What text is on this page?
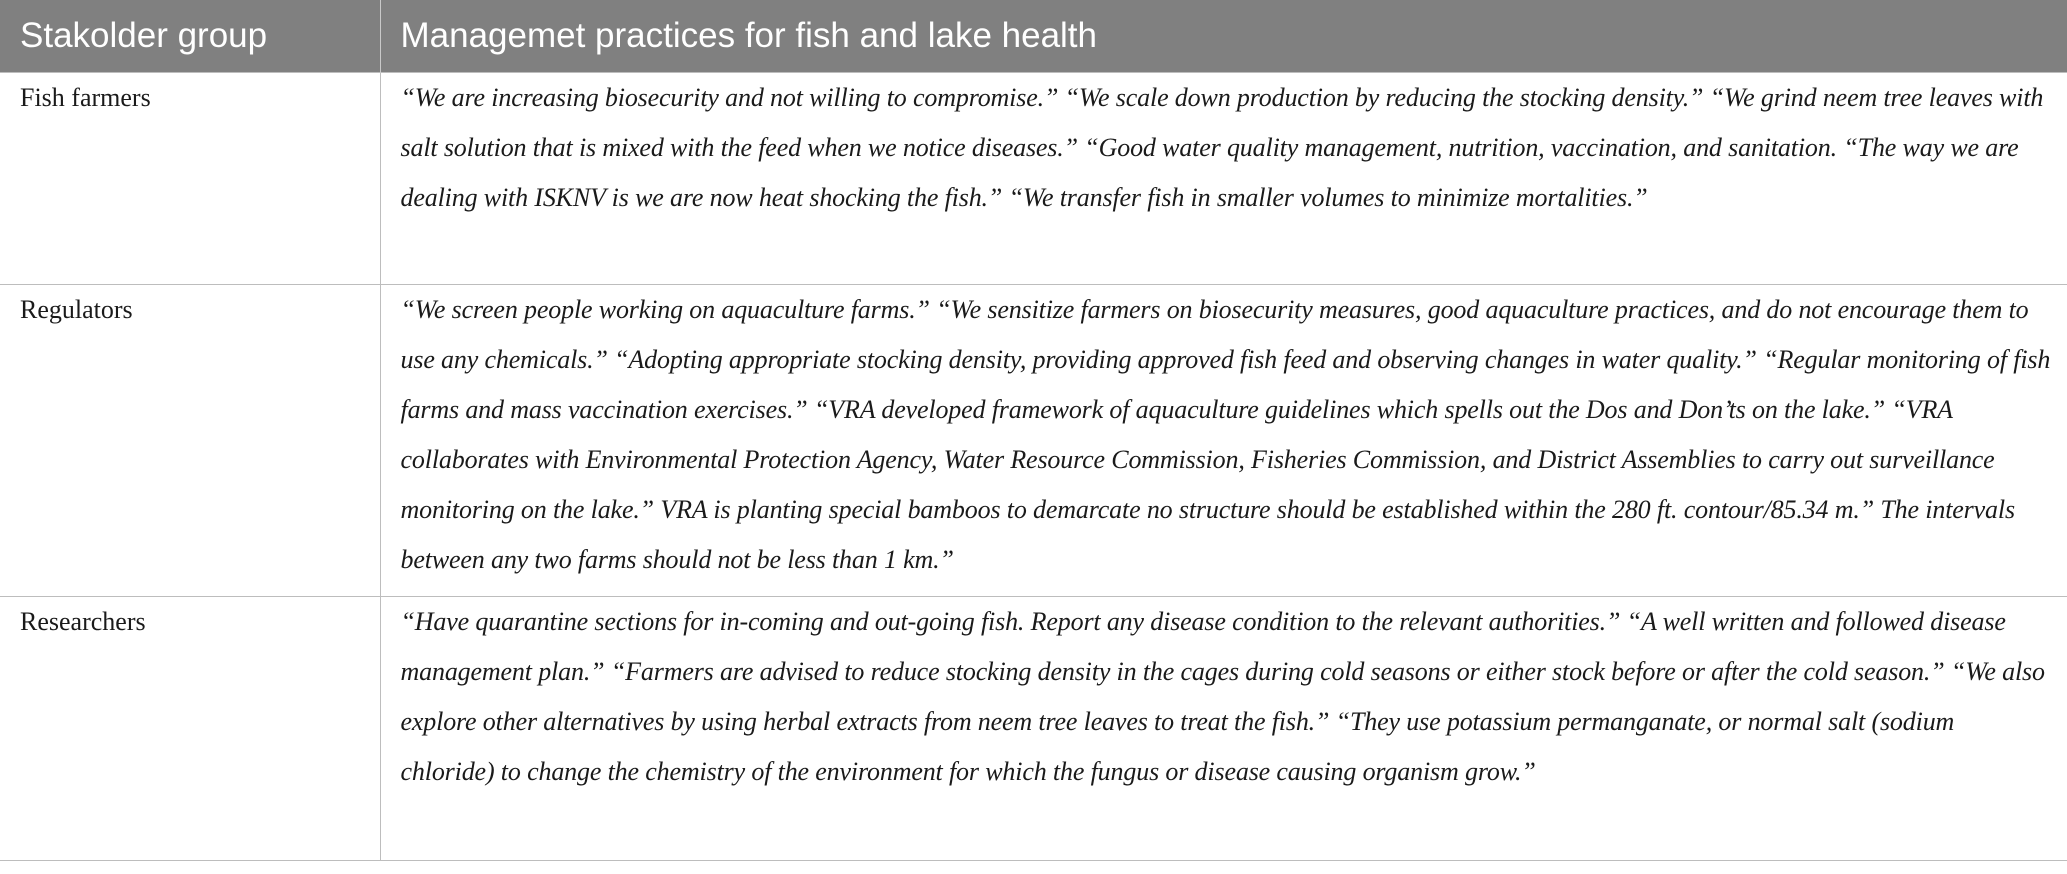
Stakolder group	Managemet practices for fish and lake health
Fish farmers	“We are increasing biosecurity and not willing to compromise.” “We scale down production by reducing the stocking density.” “We grind neem tree leaves with salt solution that is mixed with the feed when we notice diseases.” “Good water quality management, nutrition, vaccination, and sanitation. “The way we are dealing with ISKNV is we are now heat shocking the fish.” “We transfer fish in smaller volumes to minimize mortalities.”
Regulators	“We screen people working on aquaculture farms.” “We sensitize farmers on biosecurity measures, good aquaculture practices, and do not encourage them to use any chemicals.” “Adopting appropriate stocking density, providing approved fish feed and observing changes in water quality.” “Regular monitoring of fish farms and mass vaccination exercises.” “VRA developed framework of aquaculture guidelines which spells out the Dos and Don’ts on the lake.” “VRA collaborates with Environmental Protection Agency, Water Resource Commission, Fisheries Commission, and District Assemblies to carry out surveillance monitoring on the lake.” VRA is planting special bamboos to demarcate no structure should be established within the 280 ft. contour/85.34 m.” The intervals between any two farms should not be less than 1 km.”
Researchers	“Have quarantine sections for in-coming and out-going fish. Report any disease condition to the relevant authorities.” “A well written and followed disease management plan.” “Farmers are advised to reduce stocking density in the cages during cold seasons or either stock before or after the cold season.” “We also explore other alternatives by using herbal extracts from neem tree leaves to treat the fish.” “They use potassium permanganate, or normal salt (sodium chloride) to change the chemistry of the environment for which the fungus or disease causing organism grow.”
